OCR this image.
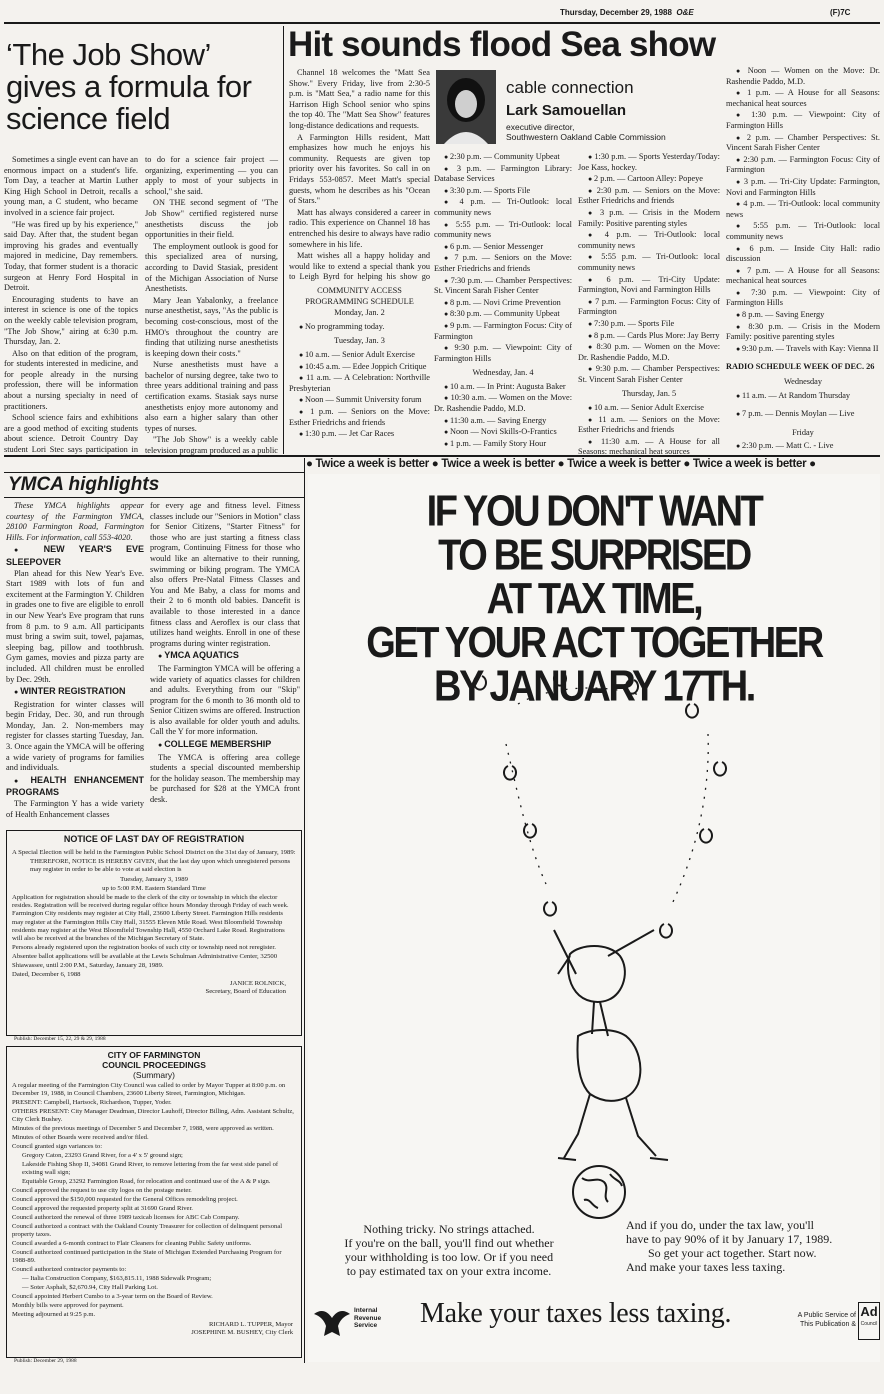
Thursday, December 29, 1988 O&E	(F)7C
‘The Job Show’ gives a formula for science field

Sometimes a single event can have an enormous impact on a student's life. Tom Day, a teacher at Martin Luther King High School in Detroit, recalls a young man, a C student, who became involved in a science fair project.

"He was fired up by his experience," said Day. After that, the student began improving his grades and eventually majored in medicine, Day remembers. Today, that former student is a thoracic surgeon at Henry Ford Hospital in Detroit.

Encouraging students to have an interest in science is one of the topics on the weekly cable television program, "The Job Show," airing at 6:30 p.m. Thursday, Jan. 2.

Also on that edition of the program, for students interested in medicine, and for people already in the nursing profession, there will be information about a nursing specialty in need of practitioners.

School science fairs and exhibitions are a good method of exciting students about science. Detroit Country Day student Lori Stec says participation in

to do for a science fair project — organizing, experimenting — you can apply to most of your subjects in school," she said.

ON THE second segment of "The Job Show" certified registered nurse anesthetists discuss the job opportunities in their field.

The employment outlook is good for this specialized area of nursing, according to David Stasiak, president of the Michigan Association of Nurse Anesthetists.

Mary Jean Yabalonky, a freelance nurse anesthetist, says, "As the public is becoming cost-conscious, most of the HMO's throughout the country are finding that utilizing nurse anesthetists is keeping down their costs."

Nurse anesthetists must have a bachelor of nursing degree, take two to three years additional training and pass certification exams. Stasiak says nurse anesthetists enjoy more autonomy and also earn a higher salary than other types of nurses.

"The Job Show" is a weekly cable television program produced as a public

Hit sounds flood Sea show

Channel 18 welcomes the "Matt Sea Show." Every Friday, live from 2:30-5 p.m. is "Matt Sea," a radio name for this Harrison High School senior who spins the top 40. The "Matt Sea Show" features long-distance dedications and requests.

A Farmington Hills resident, Matt emphasizes how much he enjoys his community. Requests are given top priority over his favorites. So call in on Fridays 553-0857. Meet Matt's special guests, whom he describes as his "Ocean of Stars."

Matt has always considered a career in radio. This experience on Channel 18 has entrenched his desire to always have radio somewhere in his life.

Matt wishes all a happy holiday and would like to extend a special thank you to Leigh Byrd for helping his show go

cable connection
Lark Samouellan
executive director,
Southwestern Oakland Cable Commission

COMMUNITY ACCESS PROGRAMMING SCHEDULE

Monday, Jan. 2

● No programming today.

Tuesday, Jan. 3

● 10 a.m. — Senior Adult Exercise

● 10:45 a.m. — Edee Joppich Critique

● 11 a.m. — A Celebration: Northville Presbyterian

● Noon — Summit University forum

● 1 p.m. — Seniors on the Move: Esther Friedrichs and friends

● 1:30 p.m. — Jet Car Races

● 2:30 p.m. — Community Upbeat

● 3 p.m. — Farmington Library: Database Services

● 3:30 p.m. — Sports File

● 4 p.m. — Tri-Outlook: local community news

● 5:55 p.m. — Tri-Outlook: local community news

● 6 p.m. — Senior Messenger

● 7 p.m. — Seniors on the Move: Esther Friedrichs and friends

● 7:30 p.m. — Chamber Perspectives: St. Vincent Sarah Fisher Center

● 8 p.m. — Novi Crime Prevention

● 8:30 p.m. — Community Upbeat

● 9 p.m. — Farmington Focus: City of Farmington

● 9:30 p.m. — Viewpoint: City of Farmington Hills

Wednesday, Jan. 4

● 10 a.m. — In Print: Augusta Baker

● 10:30 a.m. — Women on the Move: Dr. Rashendie Paddo, M.D.

● 11:30 a.m. — Saving Energy

● Noon — Novi Skills-O-Frantics

● 1 p.m. — Family Story Hour

● 1:30 p.m. — Sports Yesterday/Today: Joe Kass, hockey.

● 2 p.m. — Cartoon Alley: Popeye

● 2:30 p.m. — Seniors on the Move: Esther Friedrichs and friends

● 3 p.m. — Crisis in the Modern Family: Positive parenting styles

● 4 p.m. — Tri-Outlook: local community news

● 5:55 p.m. — Tri-Outlook: local community news

● 6 p.m. — Tri-City Update: Farmington, Novi and Farmington Hills

● 7 p.m. — Farmington Focus: City of Farmington

● 7:30 p.m. — Sports File

● 8 p.m. — Cards Plus More: Jay Berry

● 8:30 p.m. — Women on the Move: Dr. Rashendie Paddo, M.D.

● 9:30 p.m. — Chamber Perspectives: St. Vincent Sarah Fisher Center

Thursday, Jan. 5

● 10 a.m. — Senior Adult Exercise

● 11 a.m. — Seniors on the Move: Esther Friedrichs and friends

● 11:30 a.m. — A House for all Seasons: mechanical heat sources

● Noon — Women on the Move: Dr. Rashendie Paddo, M.D.

● 1 p.m. — A House for all Seasons: mechanical heat sources

● 1:30 p.m. — Viewpoint: City of Farmington Hills

● 2 p.m. — Chamber Perspectives: St. Vincent Sarah Fisher Center

● 2:30 p.m. — Farmington Focus: City of Farmington

● 3 p.m. — Tri-City Update: Farmington, Novi and Farmington Hills

● 4 p.m. — Tri-Outlook: local community news

● 5:55 p.m. — Tri-Outlook: local community news

● 6 p.m. — Inside City Hall: radio discussion

● 7 p.m. — A House for all Seasons: mechanical heat sources

● 7:30 p.m. — Viewpoint: City of Farmington Hills

● 8 p.m. — Saving Energy

● 8:30 p.m. — Crisis in the Modern Family: positive parenting styles

● 9:30 p.m. — Travels with Kay: Vienna II

RADIO SCHEDULE WEEK OF DEC. 26

Wednesday

● 11 a.m. — At Random Thursday

● 7 p.m. — Dennis Moylan — Live

Friday

● 2:30 p.m. — Matt C. - Live

● Twice a week is better ● Twice a week is better ● Twice a week is better ● Twice a week is better ●
YMCA highlights

These YMCA highlights appear courtesy of the Farmington YMCA, 28100 Farmington Road, Farmington Hills. For information, call 553-4020.

● NEW YEAR'S EVE SLEEPOVER

Plan ahead for this New Year's Eve. Start 1989 with lots of fun and excitement at the Farmington Y. Children in grades one to five are eligible to enroll in our New Year's Eve program that runs from 8 p.m. to 9 a.m. All participants must bring a swim suit, towel, pajamas, sleeping bag, pillow and toothbrush. Gym games, movies and pizza party are included. All children must be enrolled by Dec. 29th.

● WINTER REGISTRATION

Registration for winter classes will begin Friday, Dec. 30, and run through Monday, Jan. 2. Non-members may register for classes starting Tuesday, Jan. 3. Once again the YMCA will be offering a wide variety of programs for families and individuals.

● HEALTH ENHANCEMENT PROGRAMS

The Farmington Y has a wide variety of Health Enhancement classes

for every age and fitness level. Fitness classes include our "Seniors in Motion" class for Senior Citizens, "Starter Fitness" for those who are just starting a fitness class program, Continuing Fitness for those who would like an alternative to their running, swimming or biking program. The YMCA also offers Pre-Natal Fitness Classes and You and Me Baby, a class for moms and their 2 to 6 month old babies. Dancefit is available to those interested in a dance fitness class and Aeroflex is our class that utilizes hand weights. Enroll in one of these programs during winter registration.

● YMCA AQUATICS

The Farmington YMCA will be offering a wide variety of aquatics classes for children and adults. Everything from our "Skip" program for the 6 month to 36 month old to Senior Citizen swims are offered. Instruction is also available for older youth and adults. Call the Y for more information.

● COLLEGE MEMBERSHIP

The YMCA is offering area college students a special discounted membership for the holiday season. The membership may be purchased for $28 at the YMCA front desk.

NOTICE OF LAST DAY OF REGISTRATION

A Special Election will be held in the Farmington Public School District on the 31st day of January, 1989:

THEREFORE, NOTICE IS HEREBY GIVEN, that the last day upon which unregistered persons may register in order to be able to vote at said election is

Tuesday, January 3, 1989

up to 5:00 P.M. Eastern Standard Time

Application for registration should be made to the clerk of the city or township in which the elector resides. Registration will be received during regular office hours Monday through Friday of each week. Farmington City residents may register at City Hall, 23600 Liberty Street. Farmington Hills residents may register at the Farmington Hills City Hall, 31555 Eleven Mile Road. West Bloomfield Township residents may register at the West Bloomfield Township Hall, 4550 Orchard Lake Road. Registrations will also be received at the branches of the Michigan Secretary of State.

Persons already registered upon the registration books of such city or township need not reregister.

Absentee ballot applications will be available at the Lewis Schulman Administrative Center, 32500 Shiawassee, until 2:00 P.M., Saturday, January 28, 1989.

Dated, December 6, 1988

JANICE ROLNICK,

Secretary, Board of Education

Publish: December 15, 22, 29 & 29, 1988
CITY OF FARMINGTON
COUNCIL PROCEEDINGS
(Summary)

A regular meeting of the Farmington City Council was called to order by Mayor Tupper at 8:00 p.m. on December 19, 1988, in Council Chambers, 23600 Liberty Street, Farmington, Michigan.

PRESENT: Campbell, Hartsock, Richardson, Tupper, Yoder.

OTHERS PRESENT: City Manager Deadman, Director Lauhoff, Director Billing, Adm. Assistant Schultz, City Clerk Bushey.

Minutes of the previous meetings of December 5 and December 7, 1988, were approved as written.

Minutes of other Boards were received and/or filed.

Council granted sign variances to:

Gregory Caton, 23293 Grand River, for a 4' x 5' ground sign;

Lakeside Fishing Shop II, 34081 Grand River, to remove lettering from the far west side panel of existing wall sign;

Equitable Group, 23292 Farmington Road, for relocation and continued use of the A & P sign.

Council approved the request to use city logos on the postage meter.

Council approved the $150,000 requested for the General Offices remodeling project.

Council approved the requested property split at 31690 Grand River.

Council authorized the renewal of three 1989 taxicab licenses for ABC Cab Company.

Council authorized a contract with the Oakland County Treasurer for collection of delinquent personal property taxes.

Council awarded a 6-month contract to Flair Cleaners for cleaning Public Safety uniforms.

Council authorized continued participation in the State of Michigan Extended Purchasing Program for 1988-89.

Council authorized contractor payments to:

— Italia Construction Company, $163,815.11, 1988 Sidewalk Program;

— Soter Asphalt, $2,670.94, City Hall Parking Lot.

Council appointed Herbert Cumbo to a 3-year term on the Board of Review.

Monthly bills were approved for payment.

Meeting adjourned at 9:25 p.m.

RICHARD L. TUPPER, Mayor
JOSEPHINE M. BUSHEY, City Clerk
Publish: December 29, 1988
IF YOU DON'T WANT
TO BE SURPRISED
AT TAX TIME,
GET YOUR ACT TOGETHER
BY JANUARY 17TH.
Nothing tricky. No strings attached.
If you're on the ball, you'll find out whether
your withholding is too low. Or if you need
to pay estimated tax on your extra income.
And if you do, under the tax law, you'll
have to pay 90% of it by January 17, 1989.
So get your act together. Start now.
And make your taxes less taxing.
Internal
Revenue
Service Make your taxes less taxing.	A Public Service of
This Publication &
Ad
Council
